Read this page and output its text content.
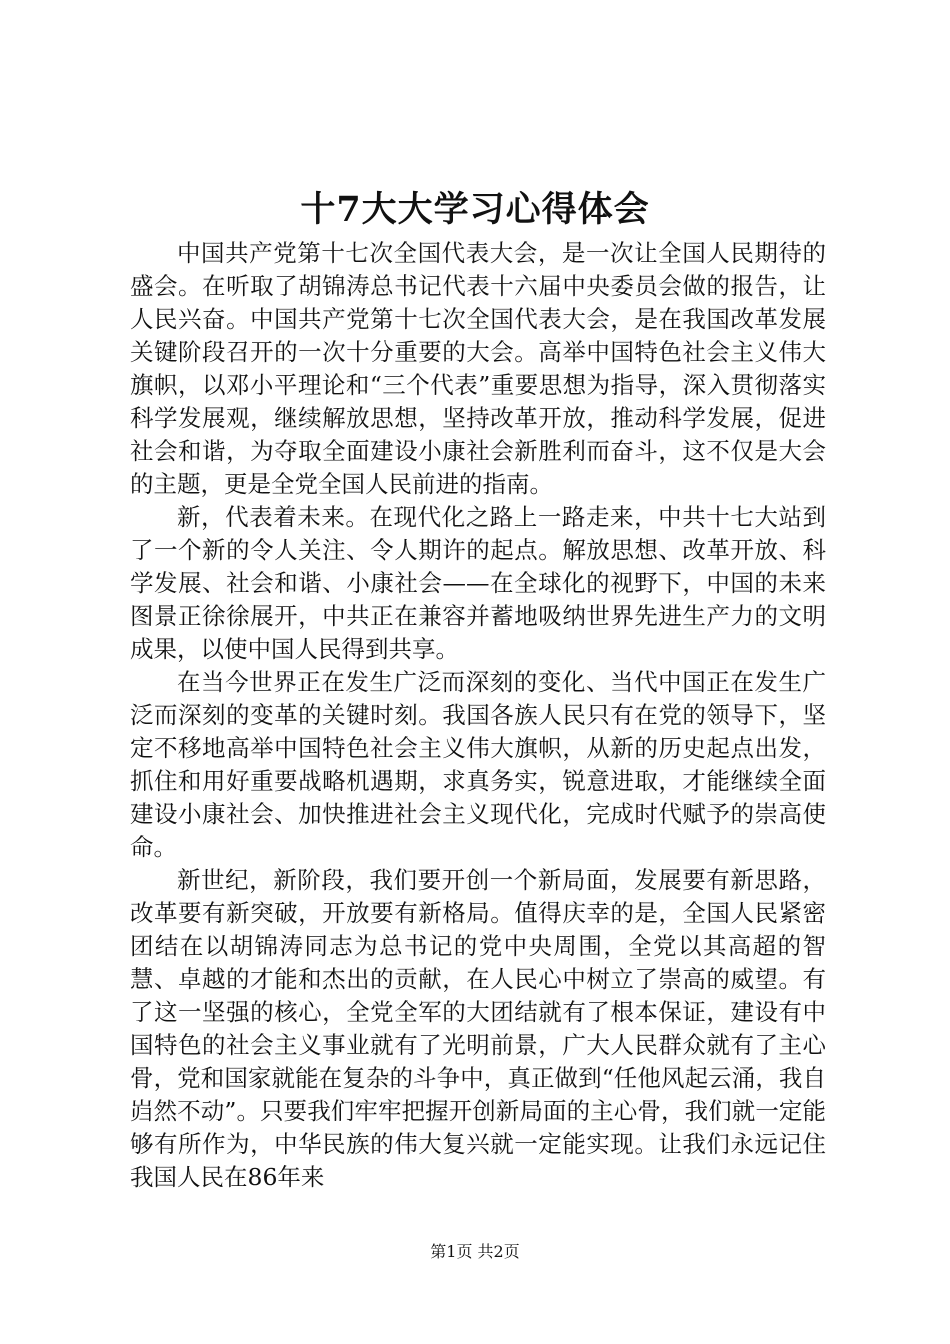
十7大大学习心得体会

中国共产党第十七次全国代表大会，是一次让全国人民期待的盛会。在听取了胡锦涛总书记代表十六届中央委员会做的报告，让人民兴奋。中国共产党第十七次全国代表大会，是在我国改革发展关键阶段召开的一次十分重要的大会。高举中国特色社会主义伟大旗帜，以邓小平理论和“三个代表”重要思想为指导，深入贯彻落实科学发展观，继续解放思想，坚持改革开放，推动科学发展，促进社会和谐，为夺取全面建设小康社会新胜利而奋斗，这不仅是大会的主题，更是全党全国人民前进的指南。

新，代表着未来。在现代化之路上一路走来，中共十七大站到了一个新的令人关注、令人期许的起点。解放思想、改革开放、科学发展、社会和谐、小康社会——在全球化的视野下，中国的未来图景正徐徐展开，中共正在兼容并蓄地吸纳世界先进生产力的文明成果，以使中国人民得到共享。

在当今世界正在发生广泛而深刻的变化、当代中国正在发生广泛而深刻的变革的关键时刻。我国各族人民只有在党的领导下，坚定不移地高举中国特色社会主义伟大旗帜，从新的历史起点出发，抓住和用好重要战略机遇期，求真务实，锐意进取，才能继续全面建设小康社会、加快推进社会主义现代化，完成时代赋予的崇高使命。

新世纪，新阶段，我们要开创一个新局面，发展要有新思路，改革要有新突破，开放要有新格局。值得庆幸的是，全国人民紧密团结在以胡锦涛同志为总书记的党中央周围，全党以其高超的智慧、卓越的才能和杰出的贡献，在人民心中树立了崇高的威望。有了这一坚强的核心，全党全军的大团结就有了根本保证，建设有中国特色的社会主义事业就有了光明前景，广大人民群众就有了主心骨，党和国家就能在复杂的斗争中，真正做到“任他风起云涌，我自岿然不动”。只要我们牢牢把握开创新局面的主心骨，我们就一定能够有所作为，中华民族的伟大复兴就一定能实现。让我们永远记住我国人民在86年来

第1页 共2页
